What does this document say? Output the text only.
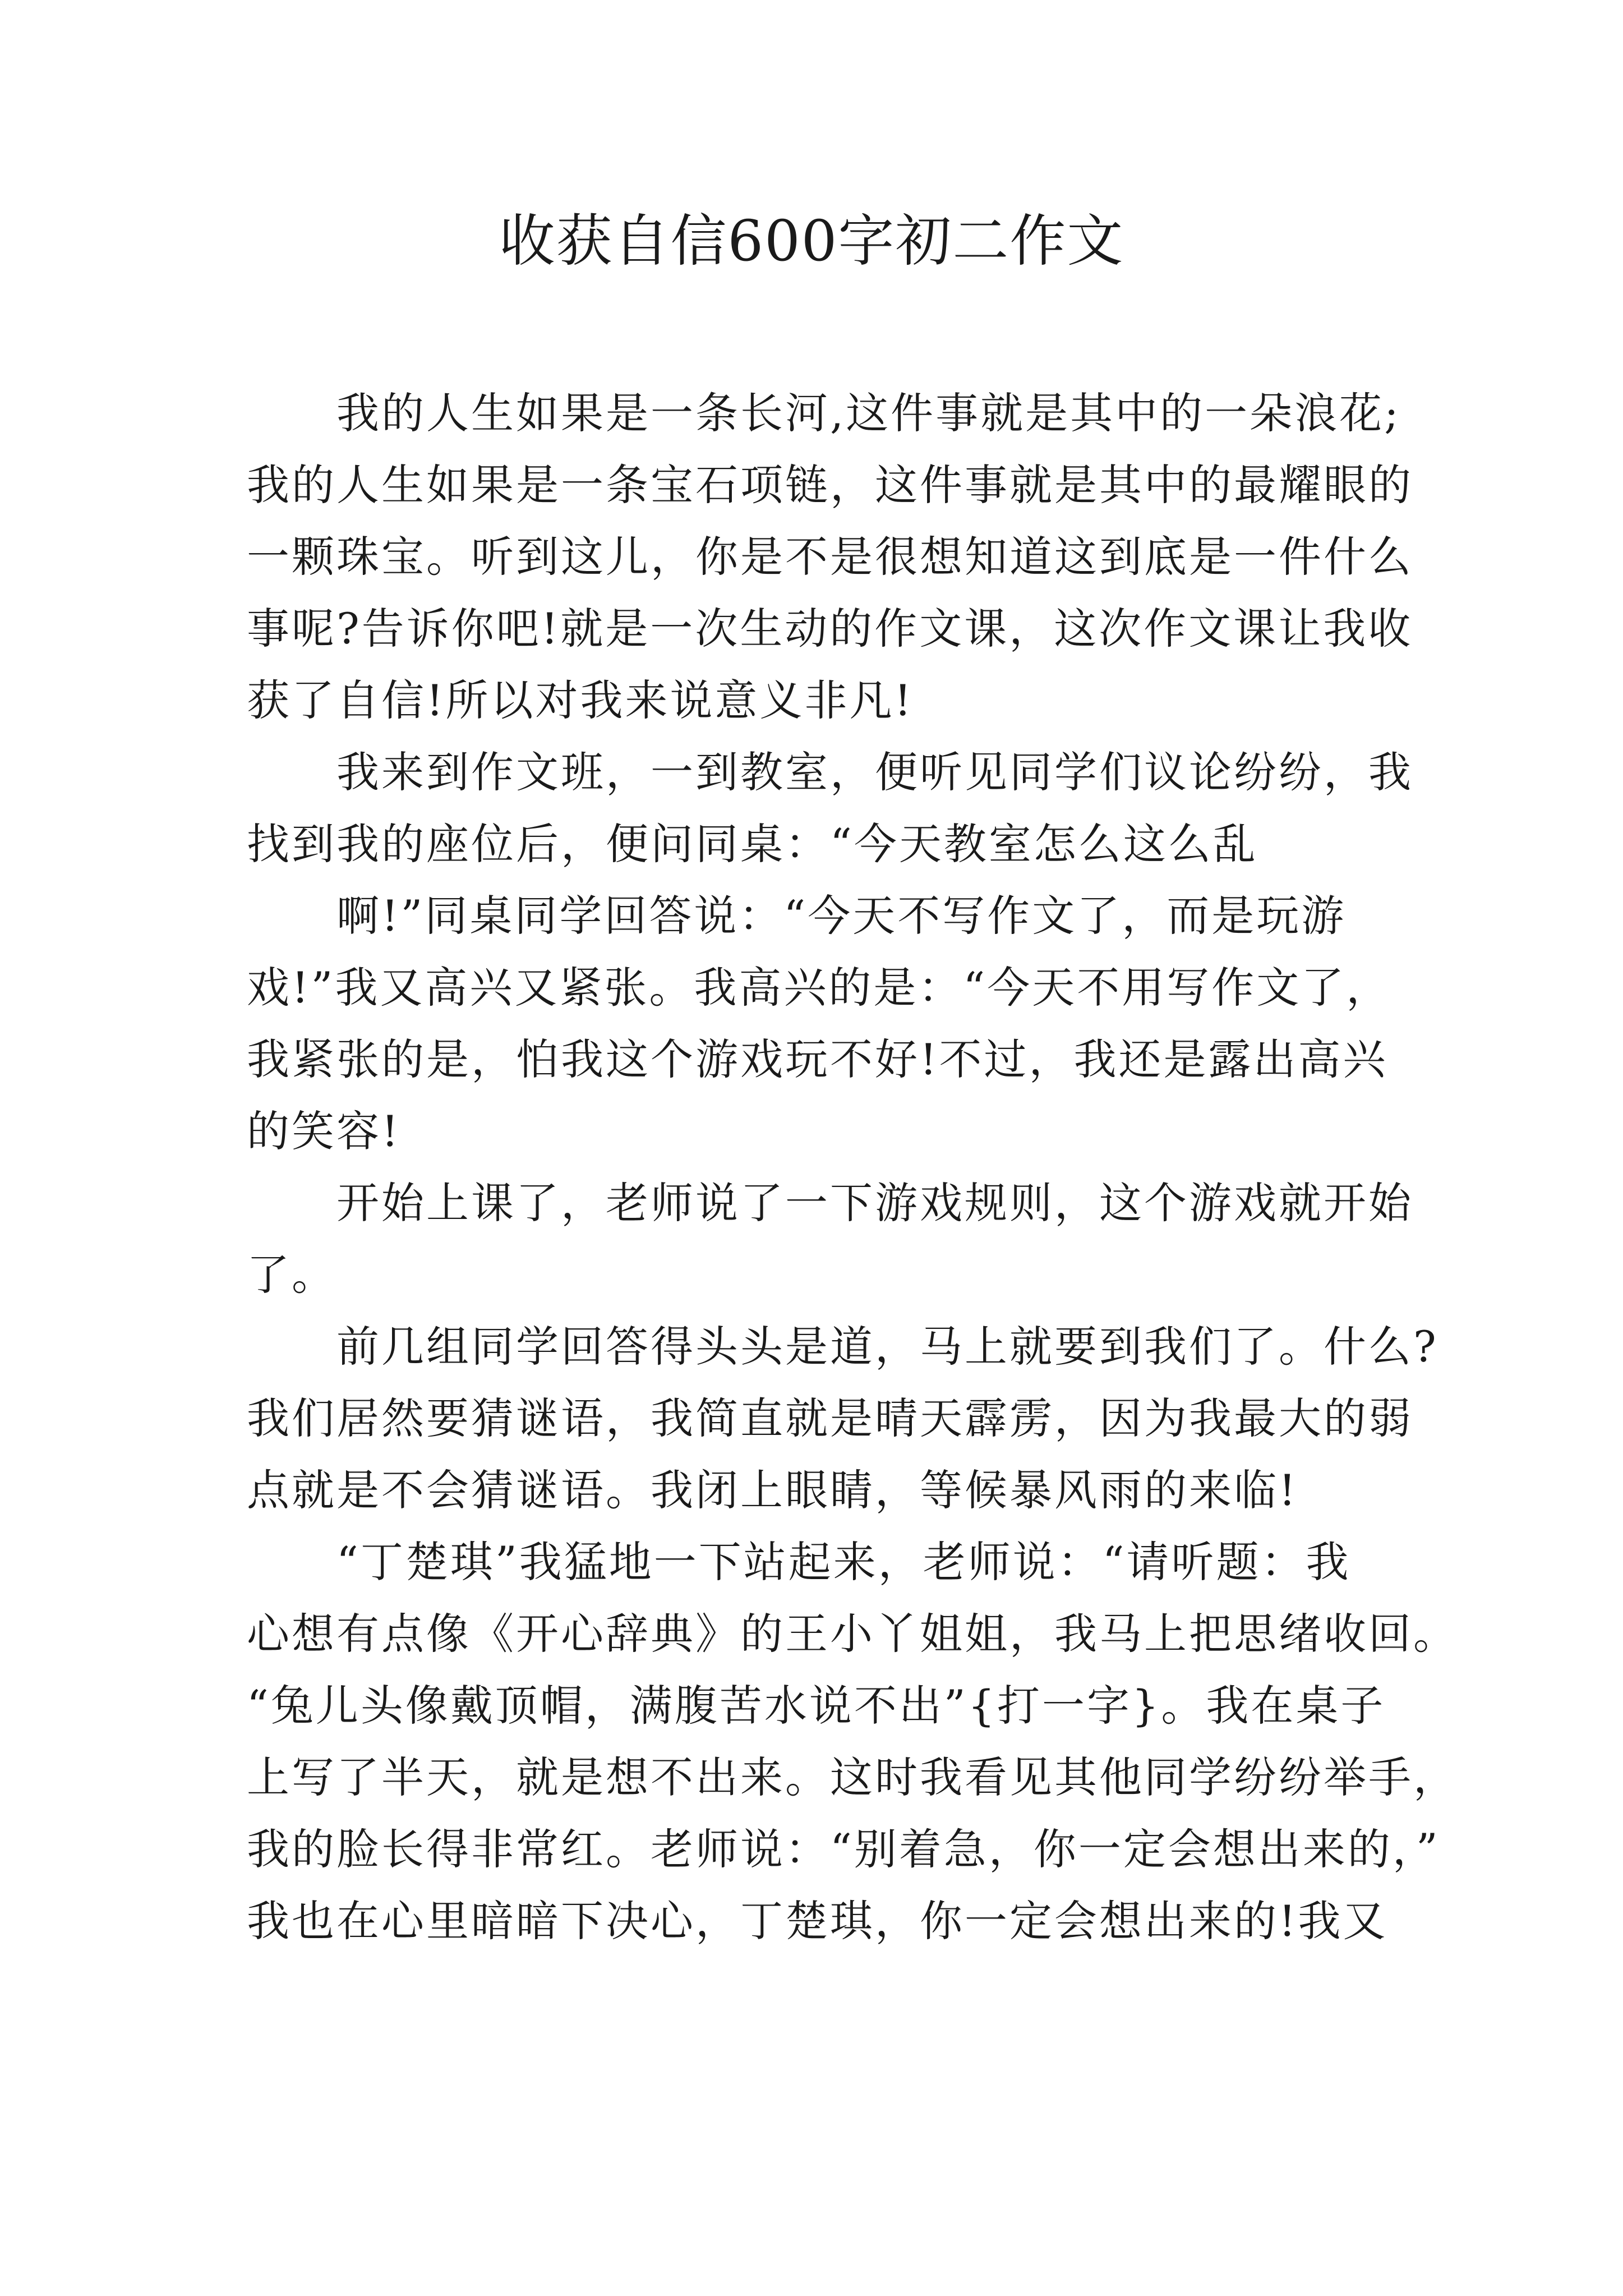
收获自信600字初二作文
我的人生如果是一条长河,这件事就是其中的一朵浪花;
我的人生如果是一条宝石项链，这件事就是其中的最耀眼的
一颗珠宝。听到这儿，你是不是很想知道这到底是一件什么
事呢?告诉你吧!就是一次生动的作文课，这次作文课让我收
获了自信!所以对我来说意义非凡!
我来到作文班，一到教室，便听见同学们议论纷纷，我
找到我的座位后，便问同桌：“今天教室怎么这么乱
啊!”同桌同学回答说：“今天不写作文了，而是玩游
戏!”我又高兴又紧张。我高兴的是：“今天不用写作文了，
我紧张的是，怕我这个游戏玩不好!不过，我还是露出高兴
的笑容!
开始上课了，老师说了一下游戏规则，这个游戏就开始
了。
前几组同学回答得头头是道，马上就要到我们了。什么?
我们居然要猜谜语，我简直就是晴天霹雳，因为我最大的弱
点就是不会猜谜语。我闭上眼睛，等候暴风雨的来临!
“丁楚琪”我猛地一下站起来，老师说：“请听题：我
心想有点像《开心辞典》的王小丫姐姐，我马上把思绪收回。
“兔儿头像戴顶帽，满腹苦水说不出”{打一字}。我在桌子
上写了半天，就是想不出来。这时我看见其他同学纷纷举手，
我的脸长得非常红。老师说：“别着急，你一定会想出来的，”
我也在心里暗暗下决心，丁楚琪，你一定会想出来的!我又
